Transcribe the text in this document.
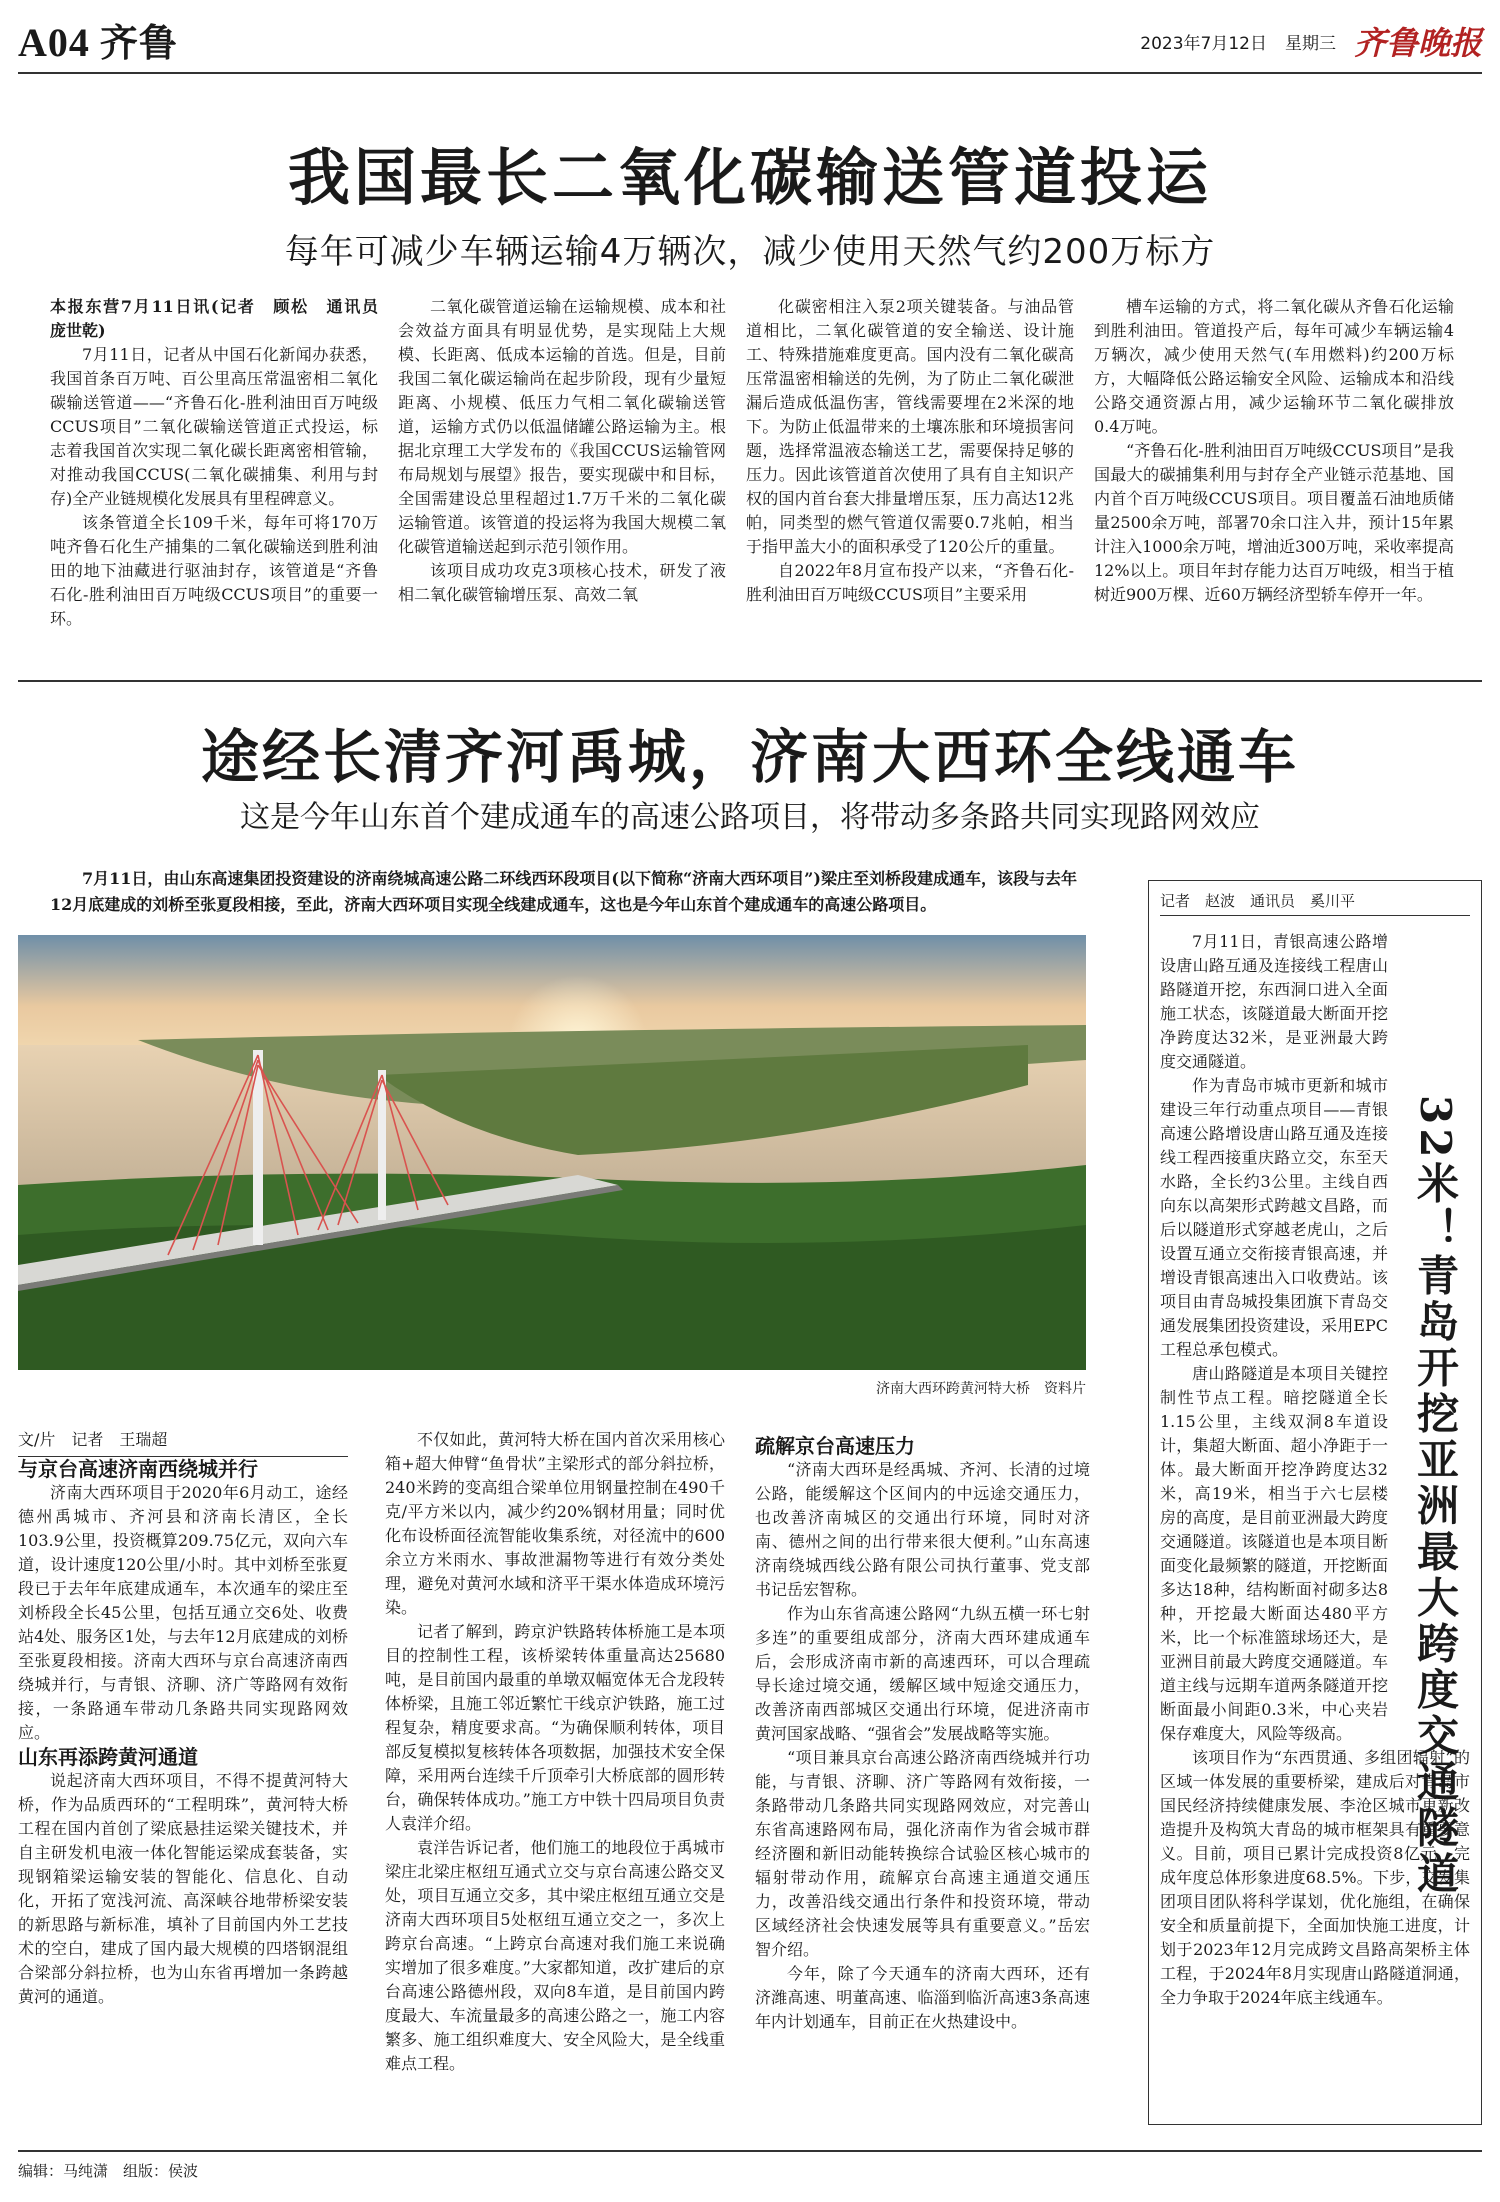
A04 齐鲁	2023年7月12日 星期三 齐鲁晚报
我国最长二氧化碳输送管道投运
每年可减少车辆运输4万辆次，减少使用天然气约200万标方

本报东营7月11日讯(记者　顾松　通讯员　庞世乾)

7月11日，记者从中国石化新闻办获悉，我国首条百万吨、百公里高压常温密相二氧化碳输送管道——“齐鲁石化-胜利油田百万吨级CCUS项目”二氧化碳输送管道正式投运，标志着我国首次实现二氧化碳长距离密相管输，对推动我国CCUS(二氧化碳捕集、利用与封存)全产业链规模化发展具有里程碑意义。

该条管道全长109千米，每年可将170万吨齐鲁石化生产捕集的二氧化碳输送到胜利油田的地下油藏进行驱油封存，该管道是“齐鲁石化-胜利油田百万吨级CCUS项目”的重要一环。

二氧化碳管道运输在运输规模、成本和社会效益方面具有明显优势，是实现陆上大规模、长距离、低成本运输的首选。但是，目前我国二氧化碳运输尚在起步阶段，现有少量短距离、小规模、低压力气相二氧化碳输送管道，运输方式仍以低温储罐公路运输为主。根据北京理工大学发布的《我国CCUS运输管网布局规划与展望》报告，要实现碳中和目标，全国需建设总里程超过1.7万千米的二氧化碳运输管道。该管道的投运将为我国大规模二氧化碳管道输送起到示范引领作用。

该项目成功攻克3项核心技术，研发了液相二氧化碳管输增压泵、高效二氧

化碳密相注入泵2项关键装备。与油品管道相比，二氧化碳管道的安全输送、设计施工、特殊措施难度更高。国内没有二氧化碳高压常温密相输送的先例，为了防止二氧化碳泄漏后造成低温伤害，管线需要埋在2米深的地下。为防止低温带来的土壤冻胀和环境损害问题，选择常温液态输送工艺，需要保持足够的压力。因此该管道首次使用了具有自主知识产权的国内首台套大排量增压泵，压力高达12兆帕，同类型的燃气管道仅需要0.7兆帕，相当于指甲盖大小的面积承受了120公斤的重量。

自2022年8月宣布投产以来，“齐鲁石化-胜利油田百万吨级CCUS项目”主要采用

槽车运输的方式，将二氧化碳从齐鲁石化运输到胜利油田。管道投产后，每年可减少车辆运输4万辆次，减少使用天然气(车用燃料)约200万标方，大幅降低公路运输安全风险、运输成本和沿线公路交通资源占用，减少运输环节二氧化碳排放0.4万吨。

“齐鲁石化-胜利油田百万吨级CCUS项目”是我国最大的碳捕集利用与封存全产业链示范基地、国内首个百万吨级CCUS项目。项目覆盖石油地质储量2500余万吨，部署70余口注入井，预计15年累计注入1000余万吨，增油近300万吨，采收率提高12%以上。项目年封存能力达百万吨级，相当于植树近900万棵、近60万辆经济型轿车停开一年。

途经长清齐河禹城，济南大西环全线通车
这是今年山东首个建成通车的高速公路项目，将带动多条路共同实现路网效应
7月11日，由山东高速集团投资建设的济南绕城高速公路二环线西环段项目(以下简称“济南大西环项目”)梁庄至刘桥段建成通车，该段与去年12月底建成的刘桥至张夏段相接，至此，济南大西环项目实现全线建成通车，这也是今年山东首个建成通车的高速公路项目。
济南大西环跨黄河特大桥　资料片
文/片　记者　王瑞超

与京台高速济南西绕城并行

济南大西环项目于2020年6月动工，途经德州禹城市、齐河县和济南长清区，全长103.9公里，投资概算209.75亿元，双向六车道，设计速度120公里/小时。其中刘桥至张夏段已于去年年底建成通车，本次通车的梁庄至刘桥段全长45公里，包括互通立交6处、收费站4处、服务区1处，与去年12月底建成的刘桥至张夏段相接。济南大西环与京台高速济南西绕城并行，与青银、济聊、济广等路网有效衔接，一条路通车带动几条路共同实现路网效应。

山东再添跨黄河通道

说起济南大西环项目，不得不提黄河特大桥，作为品质西环的“工程明珠”，黄河特大桥工程在国内首创了梁底悬挂运梁关键技术，并自主研发机电液一体化智能运梁成套装备，实现钢箱梁运输安装的智能化、信息化、自动化，开拓了宽浅河流、高深峡谷地带桥梁安装的新思路与新标准，填补了目前国内外工艺技术的空白，建成了国内最大规模的四塔钢混组合梁部分斜拉桥，也为山东省再增加一条跨越黄河的通道。

不仅如此，黄河特大桥在国内首次采用核心箱+超大伸臂“鱼骨状”主梁形式的部分斜拉桥，240米跨的变高组合梁单位用钢量控制在490千克/平方米以内，减少约20%钢材用量；同时优化布设桥面径流智能收集系统，对径流中的600余立方米雨水、事故泄漏物等进行有效分类处理，避免对黄河水域和济平干渠水体造成环境污染。

记者了解到，跨京沪铁路转体桥施工是本项目的控制性工程，该桥梁转体重量高达25680吨，是目前国内最重的单墩双幅宽体无合龙段转体桥梁，且施工邻近繁忙干线京沪铁路，施工过程复杂，精度要求高。“为确保顺利转体，项目部反复模拟复核转体各项数据，加强技术安全保障，采用两台连续千斤顶牵引大桥底部的圆形转台，确保转体成功。”施工方中铁十四局项目负责人袁洋介绍。

袁洋告诉记者，他们施工的地段位于禹城市梁庄北梁庄枢纽互通式立交与京台高速公路交叉处，项目互通立交多，其中梁庄枢纽互通立交是济南大西环项目5处枢纽互通立交之一，多次上跨京台高速。“上跨京台高速对我们施工来说确实增加了很多难度。”大家都知道，改扩建后的京台高速公路德州段，双向8车道，是目前国内跨度最大、车流量最多的高速公路之一，施工内容繁多、施工组织难度大、安全风险大，是全线重难点工程。

疏解京台高速压力

“济南大西环是经禹城、齐河、长清的过境公路，能缓解这个区间内的中远途交通压力，也改善济南城区的交通出行环境，同时对济南、德州之间的出行带来很大便利。”山东高速济南绕城西线公路有限公司执行董事、党支部书记岳宏智称。

作为山东省高速公路网“九纵五横一环七射多连”的重要组成部分，济南大西环建成通车后，会形成济南市新的高速西环，可以合理疏导长途过境交通，缓解区域中短途交通压力，改善济南西部城区交通出行环境，促进济南市黄河国家战略、“强省会”发展战略等实施。

“项目兼具京台高速公路济南西绕城并行功能，与青银、济聊、济广等路网有效衔接，一条路带动几条路共同实现路网效应，对完善山东省高速路网布局，强化济南作为省会城市群经济圈和新旧动能转换综合试验区核心城市的辐射带动作用，疏解京台高速主通道交通压力，改善沿线交通出行条件和投资环境，带动区域经济社会快速发展等具有重要意义。”岳宏智介绍。

今年，除了今天通车的济南大西环，还有济潍高速、明董高速、临淄到临沂高速3条高速年内计划通车，目前正在火热建设中。

记者　赵波　通讯员　奚川平

7月11日，青银高速公路增设唐山路互通及连接线工程唐山路隧道开挖，东西洞口进入全面施工状态，该隧道最大断面开挖净跨度达32米，是亚洲最大跨度交通隧道。

作为青岛市城市更新和城市建设三年行动重点项目——青银高速公路增设唐山路互通及连接线工程西接重庆路立交，东至天水路，全长约3公里。主线自西向东以高架形式跨越文昌路，而后以隧道形式穿越老虎山，之后设置互通立交衔接青银高速，并增设青银高速出入口收费站。该项目由青岛城投集团旗下青岛交通发展集团投资建设，采用EPC工程总承包模式。

唐山路隧道是本项目关键控制性节点工程。暗挖隧道全长1.15公里，主线双洞8车道设计，集超大断面、超小净距于一体。最大断面开挖净跨度达32米，高19米，相当于六七层楼房的高度，是目前亚洲最大跨度交通隧道。该隧道也是本项目断面变化最频繁的隧道，开挖断面多达18种，结构断面衬砌多达8种，开挖最大断面达480平方米，比一个标准篮球场还大，是亚洲目前最大跨度交通隧道。车道主线与远期车道两条隧道开挖断面最小间距0.3米，中心夹岩保存难度大，风险等级高。

该项目作为“东西贯通、多组团辐射”的区域一体发展的重要桥梁，建成后对青岛市国民经济持续健康发展、李沧区城市更新改造提升及构筑大青岛的城市框架具有重要意义。目前，项目已累计完成投资8亿元，完成年度总体形象进度68.5%。下步，交发集团项目团队将科学谋划，优化施组，在确保安全和质量前提下，全面加快施工进度，计划于2023年12月完成跨文昌路高架桥主体工程，于2024年8月实现唐山路隧道洞通，全力争取于2024年底主线通车。

32米！青岛开挖亚洲最大跨度交通隧道
编辑：马纯潇　组版：侯波
